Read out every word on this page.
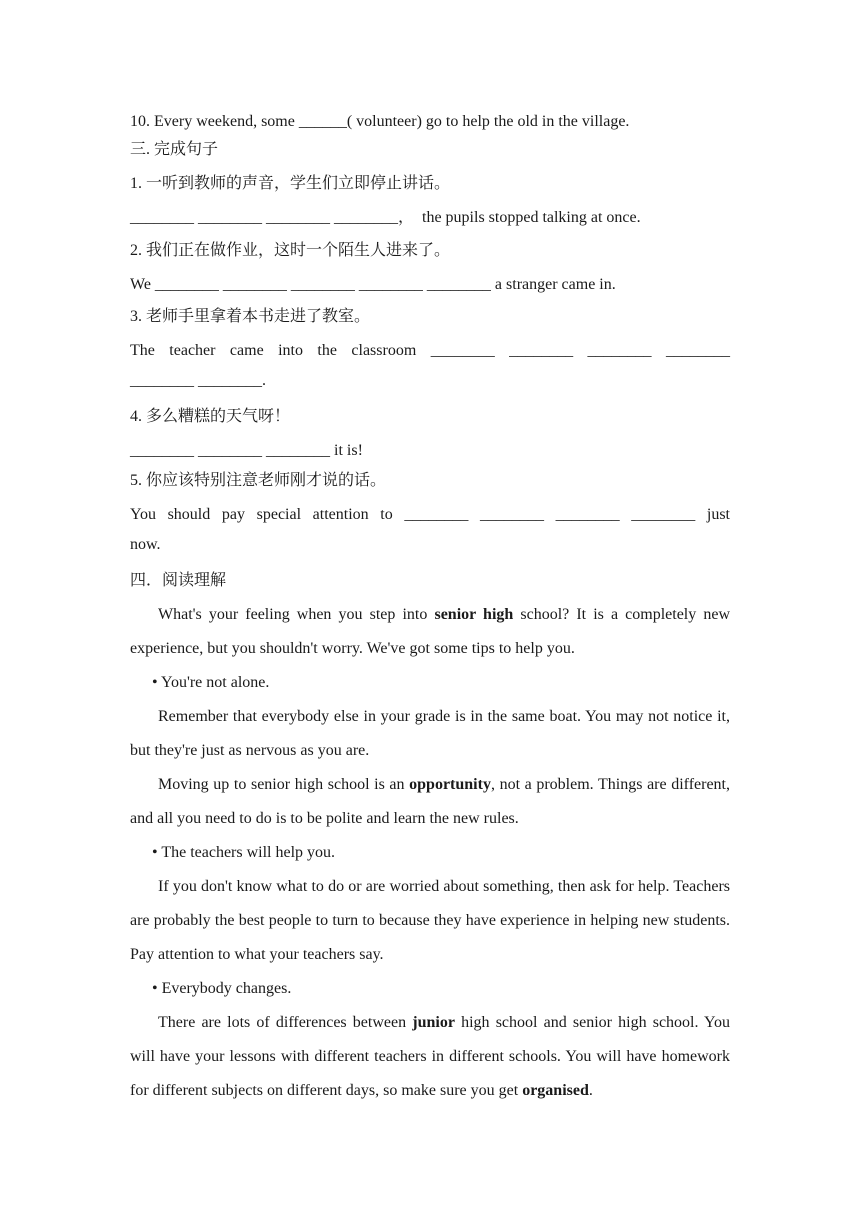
10. Every weekend, some ______( volunteer) go to help the old in the village.

三. 完成句子

1. 一听到教师的声音，学生们立即停止讲话。

________ ________ ________ ________，  the pupils stopped talking at once.

2. 我们正在做作业，这时一个陌生人进来了。

We ________ ________ ________ ________ ________ a stranger came in.

3. 老师手里拿着本书走进了教室。

The teacher came into the classroom ________ ________ ________ ________

________ ________.

4. 多么糟糕的天气呀！

________ ________ ________ it is!

5. 你应该特别注意老师刚才说的话。

You should pay special attention to ________ ________ ________ ________ just

now.

四．阅读理解

What's your feeling when you step into senior high school? It is a completely new experience, but you shouldn't worry. We've got some tips to help you.

• You're not alone.

Remember that everybody else in your grade is in the same boat. You may not notice it, but they're just as nervous as you are.

Moving up to senior high school is an opportunity, not a problem. Things are different, and all you need to do is to be polite and learn the new rules.

• The teachers will help you.

If you don't know what to do or are worried about something, then ask for help. Teachers are probably the best people to turn to because they have experience in helping new students. Pay attention to what your teachers say.

• Everybody changes.

There are lots of differences between junior high school and senior high school. You will have your lessons with different teachers in different schools. You will have homework for different subjects on different days, so make sure you get organised.
